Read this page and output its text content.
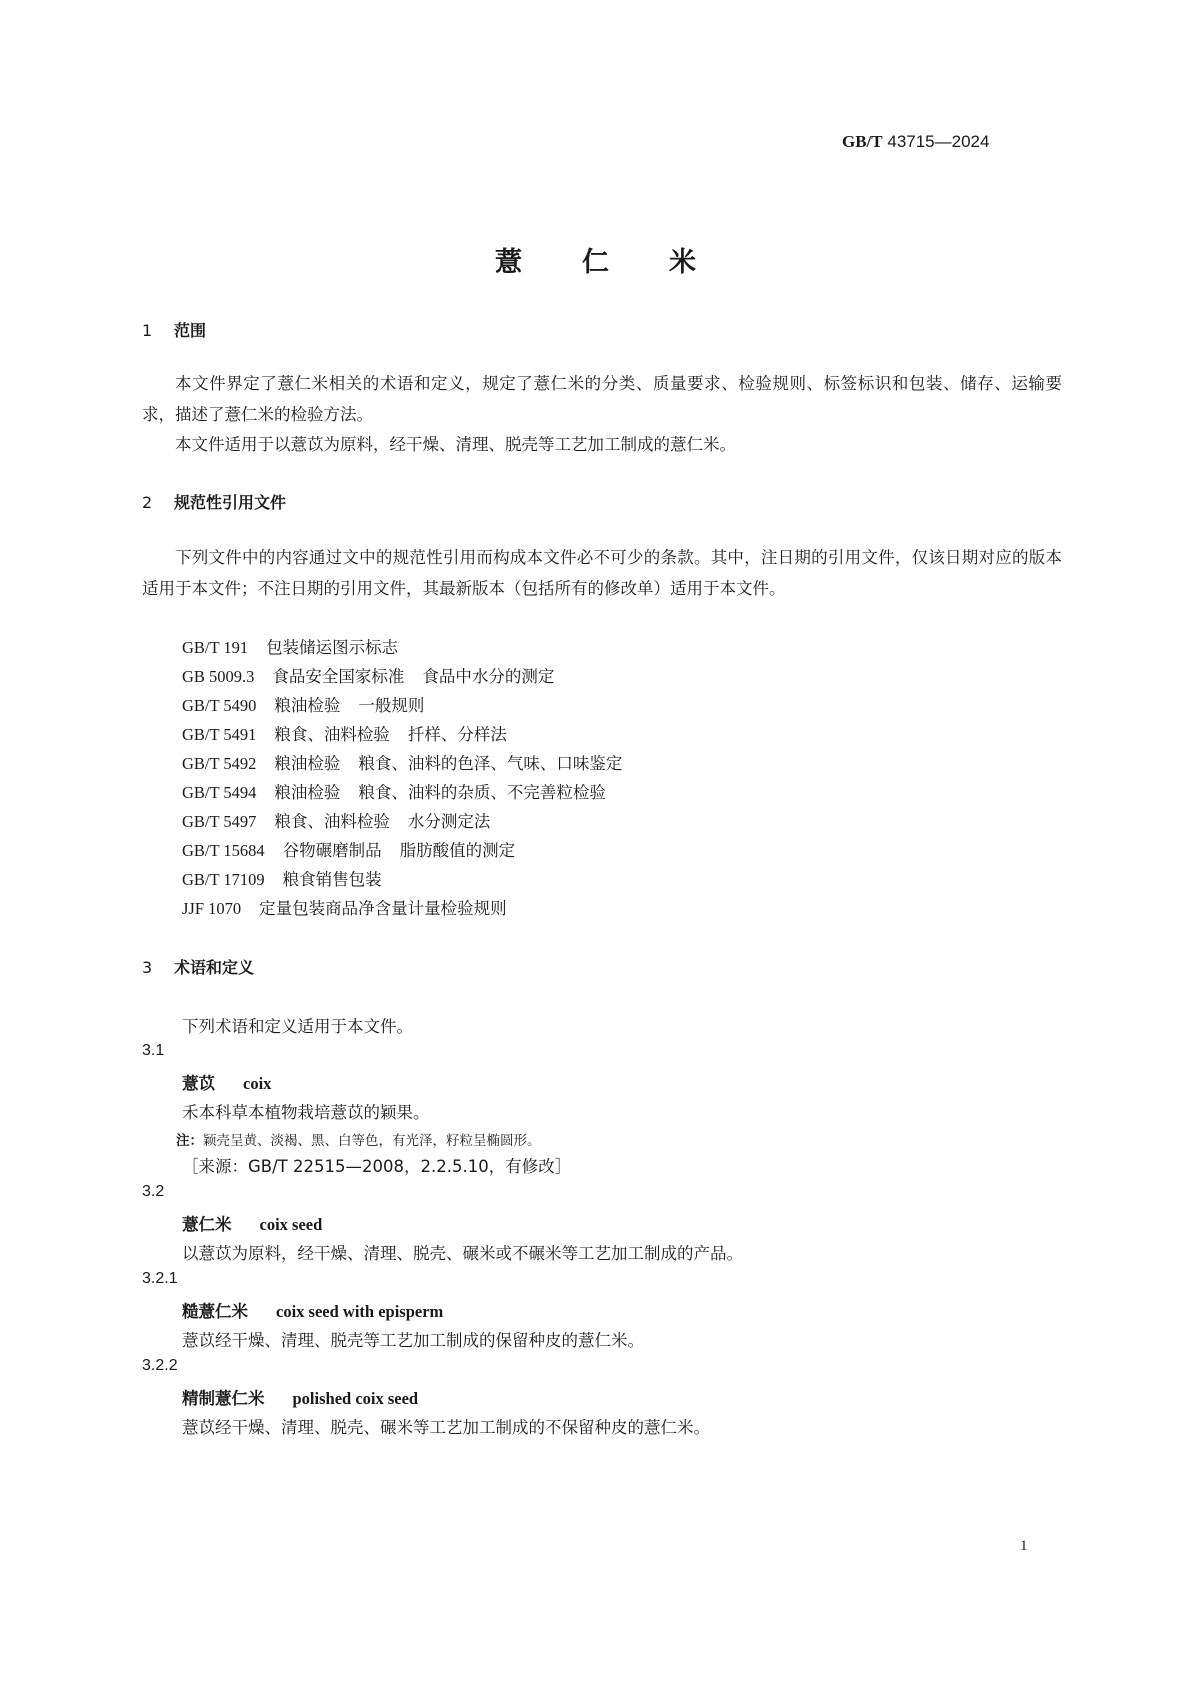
GB/T 43715—2024
薏仁米
1 范围
本文件界定了薏仁米相关的术语和定义，规定了薏仁米的分类、质量要求、检验规则、标签标识和包装、储存、运输要求，描述了薏仁米的检验方法。
本文件适用于以薏苡为原料，经干燥、清理、脱壳等工艺加工制成的薏仁米。
2 规范性引用文件
下列文件中的内容通过文中的规范性引用而构成本文件必不可少的条款。其中，注日期的引用文件，仅该日期对应的版本适用于本文件；不注日期的引用文件，其最新版本（包括所有的修改单）适用于本文件。
GB/T 191 包装储运图示标志
GB 5009.3 食品安全国家标准 食品中水分的测定
GB/T 5490 粮油检验 一般规则
GB/T 5491 粮食、油料检验 扦样、分样法
GB/T 5492 粮油检验 粮食、油料的色泽、气味、口味鉴定
GB/T 5494 粮油检验 粮食、油料的杂质、不完善粒检验
GB/T 5497 粮食、油料检验 水分测定法
GB/T 15684 谷物碾磨制品 脂肪酸值的测定
GB/T 17109 粮食销售包装
JJF 1070 定量包装商品净含量计量检验规则
3 术语和定义
下列术语和定义适用于本文件。
3.1
薏苡 coix
禾本科草本植物栽培薏苡的颖果。
注：颖壳呈黄、淡褐、黑、白等色，有光泽，籽粒呈椭圆形。
［来源：GB/T 22515—2008，2.2.5.10，有修改］
3.2
薏仁米 coix seed
以薏苡为原料，经干燥、清理、脱壳、碾米或不碾米等工艺加工制成的产品。
3.2.1
糙薏仁米 coix seed with episperm
薏苡经干燥、清理、脱壳等工艺加工制成的保留种皮的薏仁米。
3.2.2
精制薏仁米 polished coix seed
薏苡经干燥、清理、脱壳、碾米等工艺加工制成的不保留种皮的薏仁米。
1
